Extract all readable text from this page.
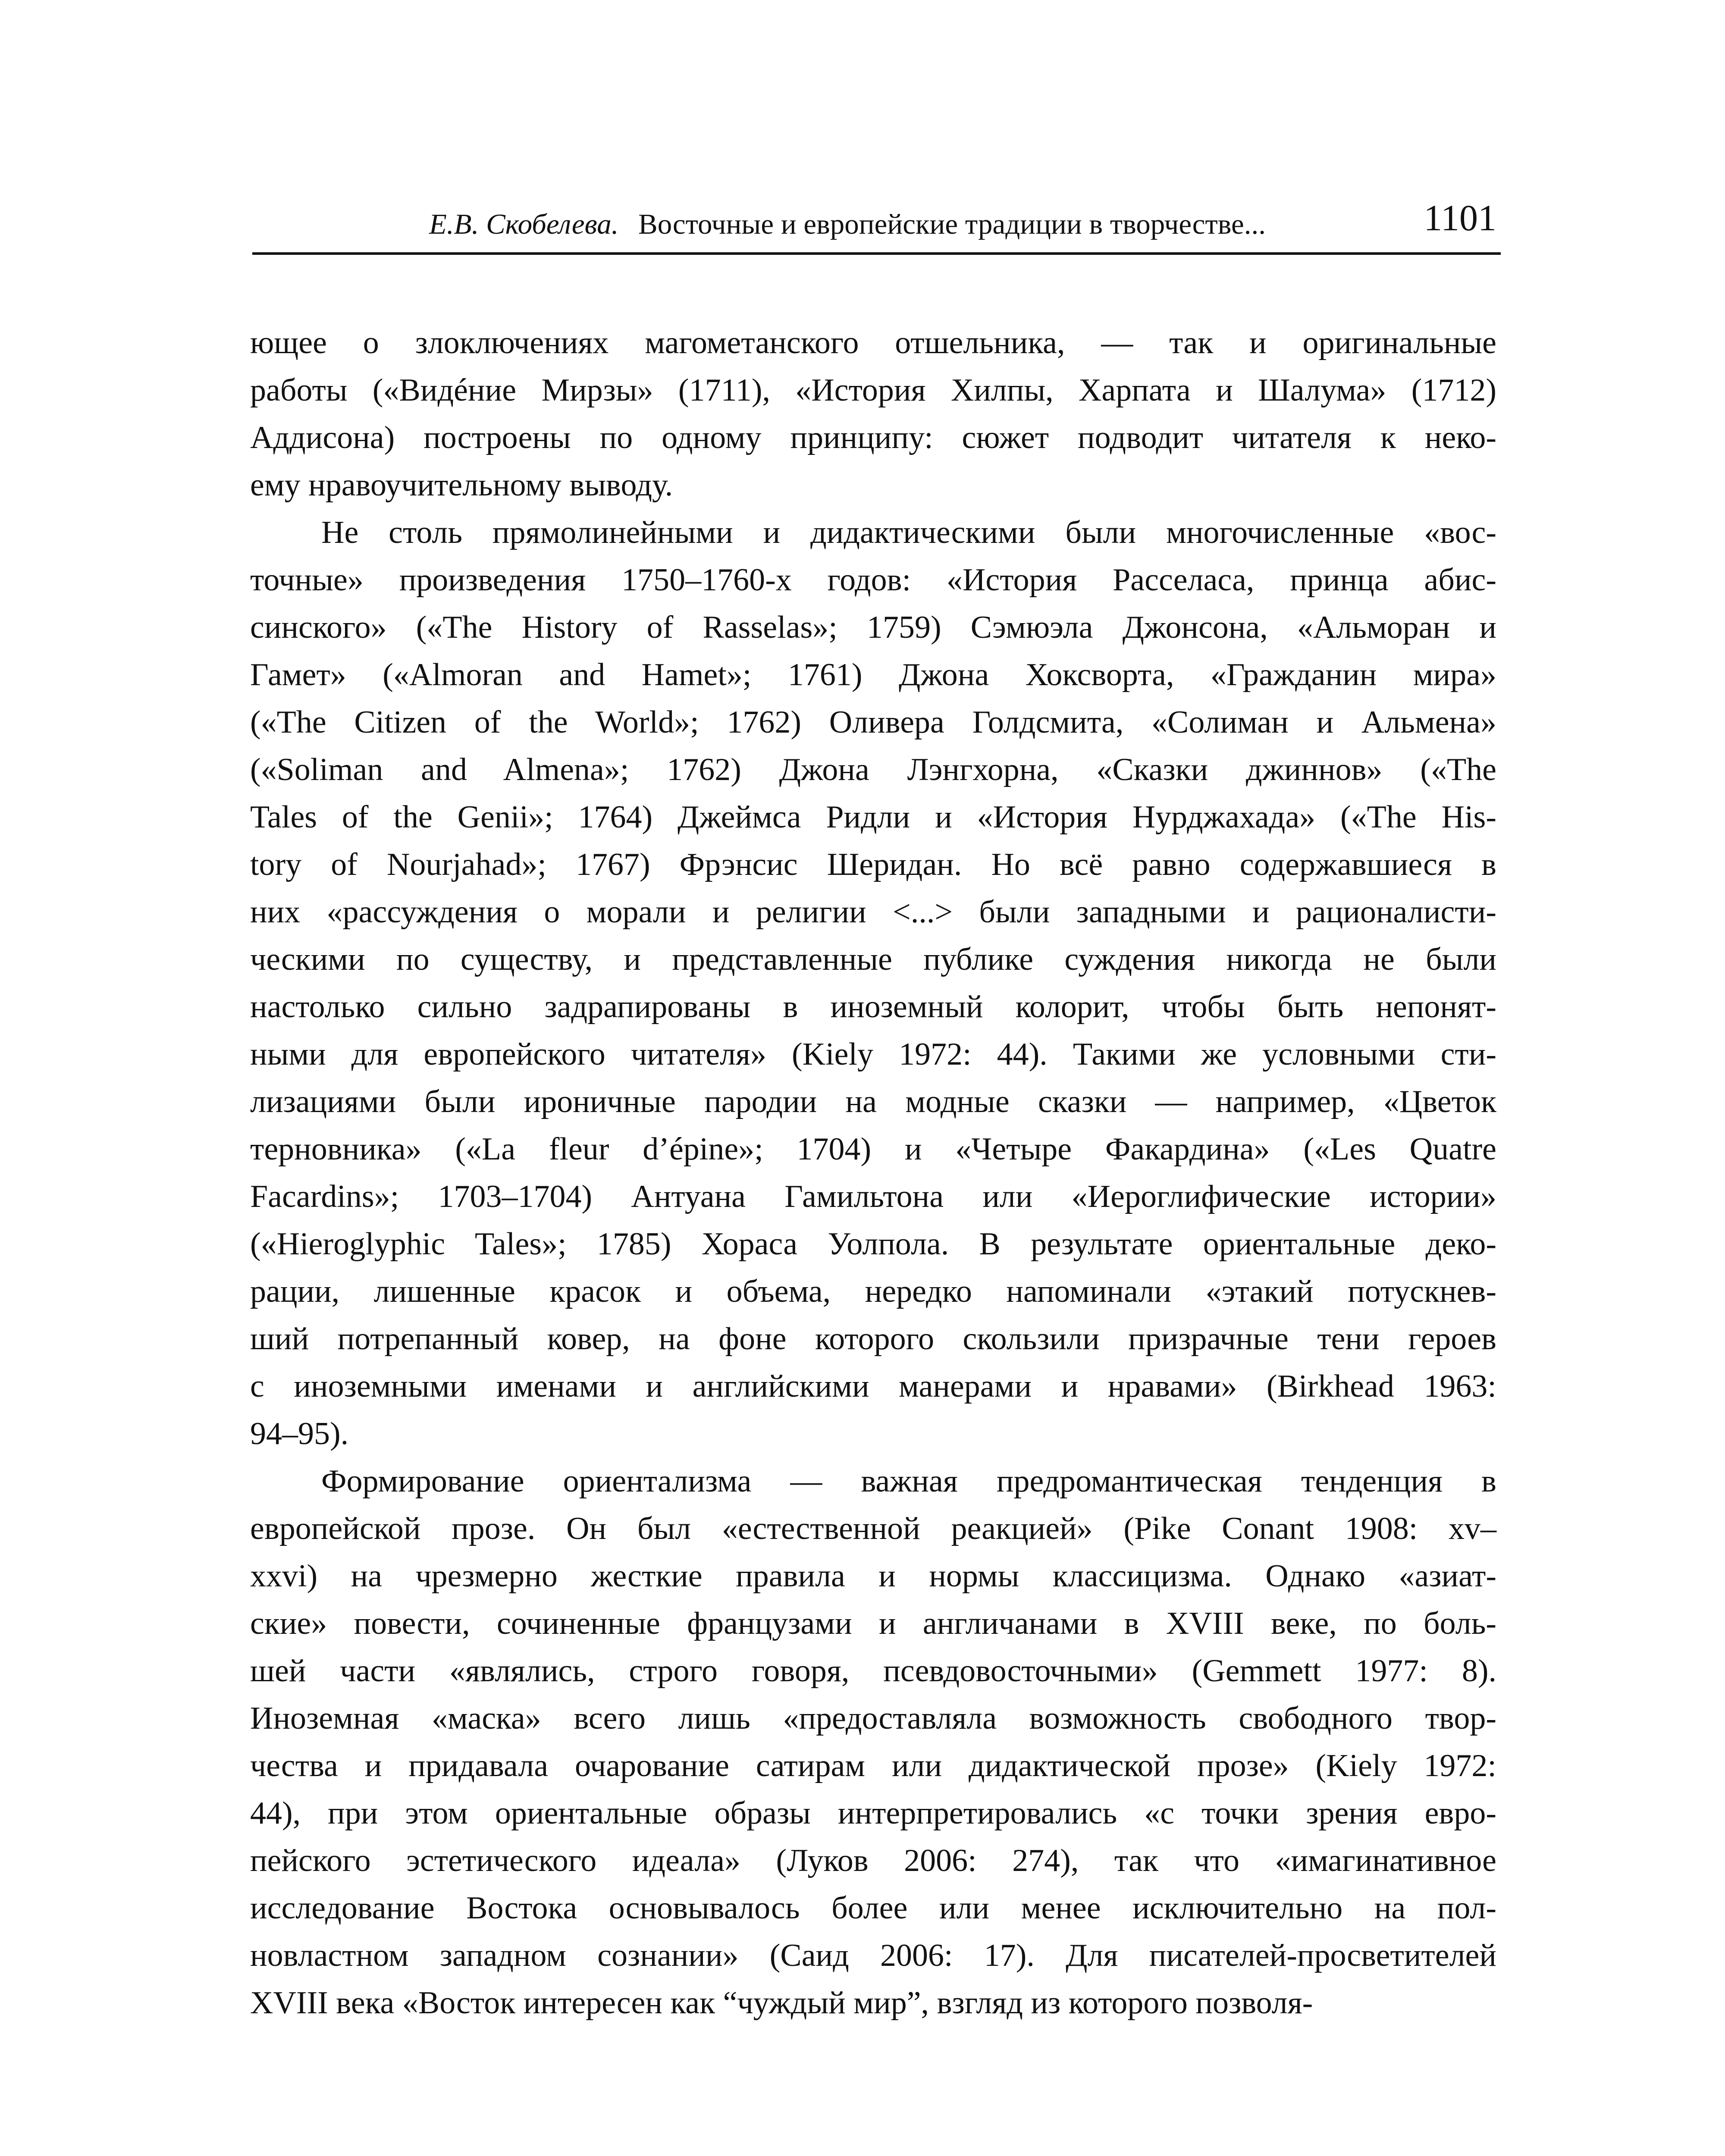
Е.В. Скобелева. Восточные и европейские традиции в творчестве...	1101
ющее о злоключениях магометанского отшельника, — так и оригинальные
работы («Видéние Мирзы» (1711), «История Хилпы, Харпата и Шалума» (1712)
Аддисона) построены по одному принципу: сюжет подводит читателя к неко-
ему нравоучительному выводу.
Не столь прямолинейными и дидактическими были многочисленные «вос-
точные» произведения 1750–1760-х годов: «История Расселаса, принца абис-
синского» («The History of Rasselas»; 1759) Сэмюэла Джонсона, «Альморан и
Гамет» («Almoran and Hamet»; 1761) Джона Хоксворта, «Гражданин мира»
(«The Citizen of the World»; 1762) Оливера Голдсмита, «Солиман и Альмена»
(«Soliman and Almena»; 1762) Джона Лэнгхорна, «Сказки джиннов» («The
Tales of the Genii»; 1764) Джеймса Ридли и «История Нурджахада» («The His-
tory of Nourjahad»; 1767) Фрэнсис Шеридан. Но всё равно содержавшиеся в
них «рассуждения о морали и религии <...> были западными и рационалисти-
ческими по существу, и представленные публике суждения никогда не были
настолько сильно задрапированы в иноземный колорит, чтобы быть непонят-
ными для европейского читателя» (Kiely 1972: 44). Такими же условными сти-
лизациями были ироничные пародии на модные сказки — например, «Цветок
терновника» («La fleur d’épine»; 1704) и «Четыре Факардина» («Les Quatre
Facardins»; 1703–1704) Антуана Гамильтона или «Иероглифические истории»
(«Hieroglyphic Tales»; 1785) Хораса Уолпола. В результате ориентальные деко-
рации, лишенные красок и объема, нередко напоминали «этакий потускнев-
ший потрепанный ковер, на фоне которого скользили призрачные тени героев
с иноземными именами и английскими манерами и нравами» (Birkhead 1963:
94–95).
Формирование ориентализма — важная предромантическая тенденция в
европейской прозе. Он был «естественной реакцией» (Pike Conant 1908: xv–
xxvi) на чрезмерно жесткие правила и нормы классицизма. Однако «азиат-
ские» повести, сочиненные французами и англичанами в XVIII веке, по боль-
шей части «являлись, строго говоря, псевдовосточными» (Gemmett 1977: 8).
Иноземная «маска» всего лишь «предоставляла возможность свободного твор-
чества и придавала очарование сатирам или дидактической прозе» (Kiely 1972:
44), при этом ориентальные образы интерпретировались «с точки зрения евро-
пейского эстетического идеала» (Луков 2006: 274), так что «имагинативное
исследование Востока основывалось более или менее исключительно на пол-
новластном западном сознании» (Саид 2006: 17). Для писателей-просветителей
XVIII века «Восток интересен как “чуждый мир”, взгляд из которого позволя-
